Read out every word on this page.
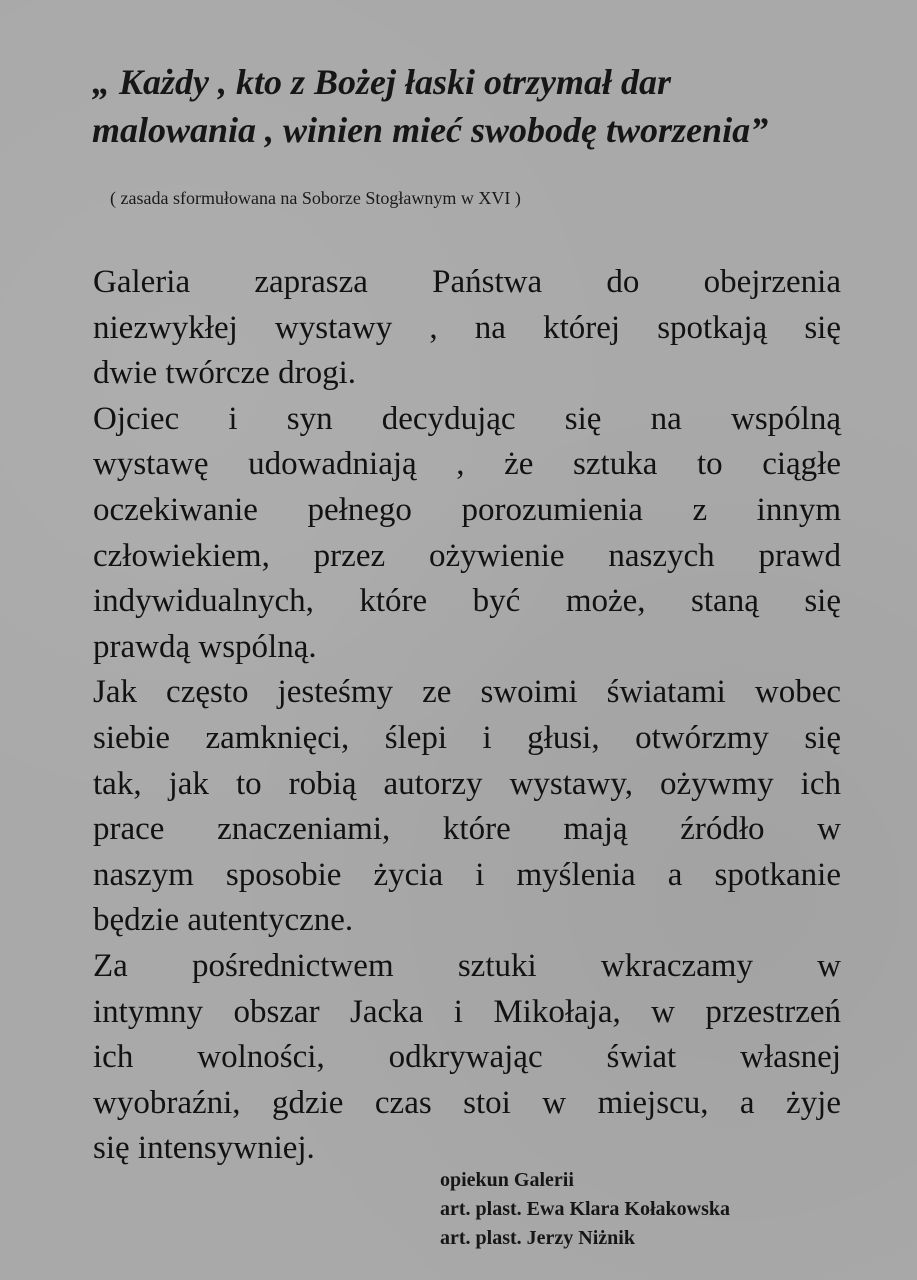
„ Każdy , kto z Bożej łaski otrzymał dar
malowania , winien mieć swobodę tworzenia”
( zasada sformułowana na Soborze Stogławnym w XVI )
Galeria zaprasza Państwa do obejrzenia
niezwykłej wystawy , na której spotkają się
dwie twórcze drogi.
Ojciec i syn decydując się na wspólną
wystawę udowadniają , że sztuka to ciągłe
oczekiwanie pełnego porozumienia z innym
człowiekiem, przez ożywienie naszych prawd
indywidualnych, które być może, staną się
prawdą wspólną.
Jak często jesteśmy ze swoimi światami wobec
siebie zamknięci, ślepi i głusi, otwórzmy się
tak, jak to robią autorzy wystawy, ożywmy ich
prace znaczeniami, które mają źródło w
naszym sposobie życia i myślenia a spotkanie
będzie autentyczne.
Za pośrednictwem sztuki wkraczamy w
intymny obszar Jacka i Mikołaja, w przestrzeń
ich wolności, odkrywając świat własnej
wyobraźni, gdzie czas stoi w miejscu, a żyje
się intensywniej.
opiekun Galerii
art. plast. Ewa Klara Kołakowska
art. plast. Jerzy Niżnik
